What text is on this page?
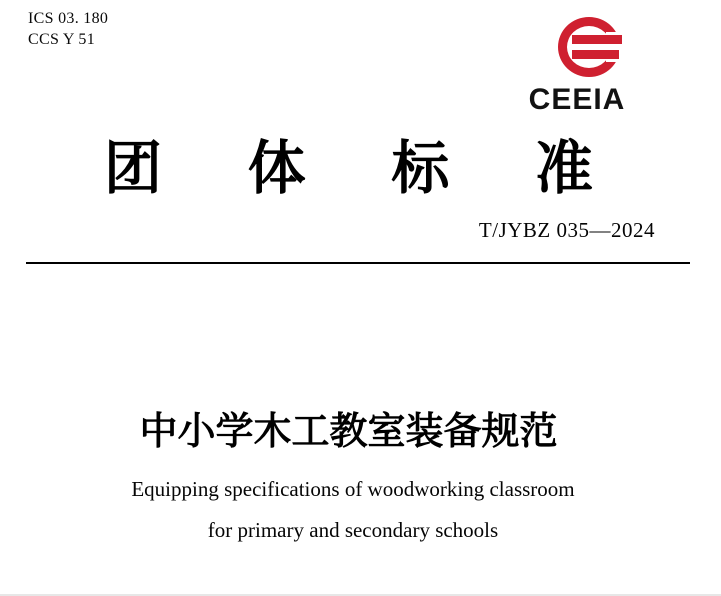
ICS 03. 180
CCS Y 51
CEEIA
团 体 标 准
T/JYBZ 035—2024
中小学木工教室装备规范
Equipping specifications of woodworking classroom
for primary and secondary schools
